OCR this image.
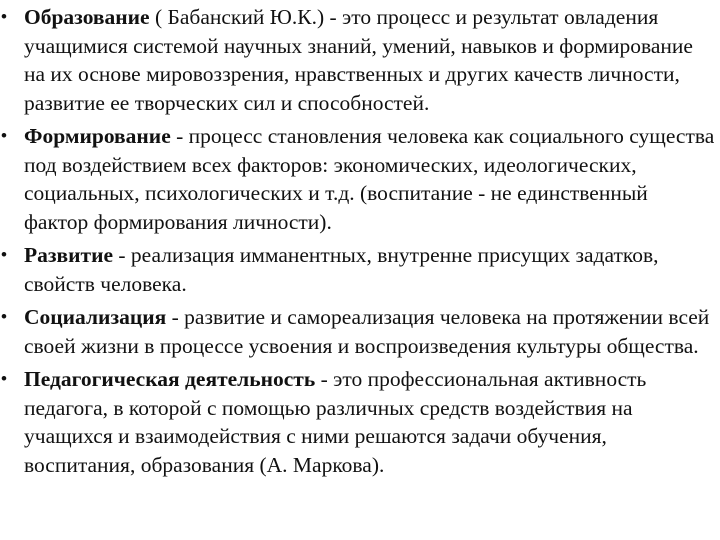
• Образование ( Бабанский Ю.К.) - это процесс и результат овладения учащимися системой научных знаний, умений, навыков и формирование на их основе мировоззрения, нравственных и других качеств личности, развитие ее творческих сил и способностей.
• Формирование - процесс становления человека как социального существа под воздействием всех факторов: экономических, идеологических, социальных, психологических и т.д. (воспитание - не единственный фактор формирования личности).
• Развитие - реализация имманентных, внутренне присущих задатков, свойств человека.
• Социализация - развитие и самореализация человека на протяжении всей своей жизни в процессе усвоения и воспроизведения культуры общества.
• Педагогическая деятельность - это профессиональная активность педагога, в которой с помощью различных средств воздействия на учащихся и взаимодействия с ними решаются задачи обучения, воспитания, образования (А. Маркова).
